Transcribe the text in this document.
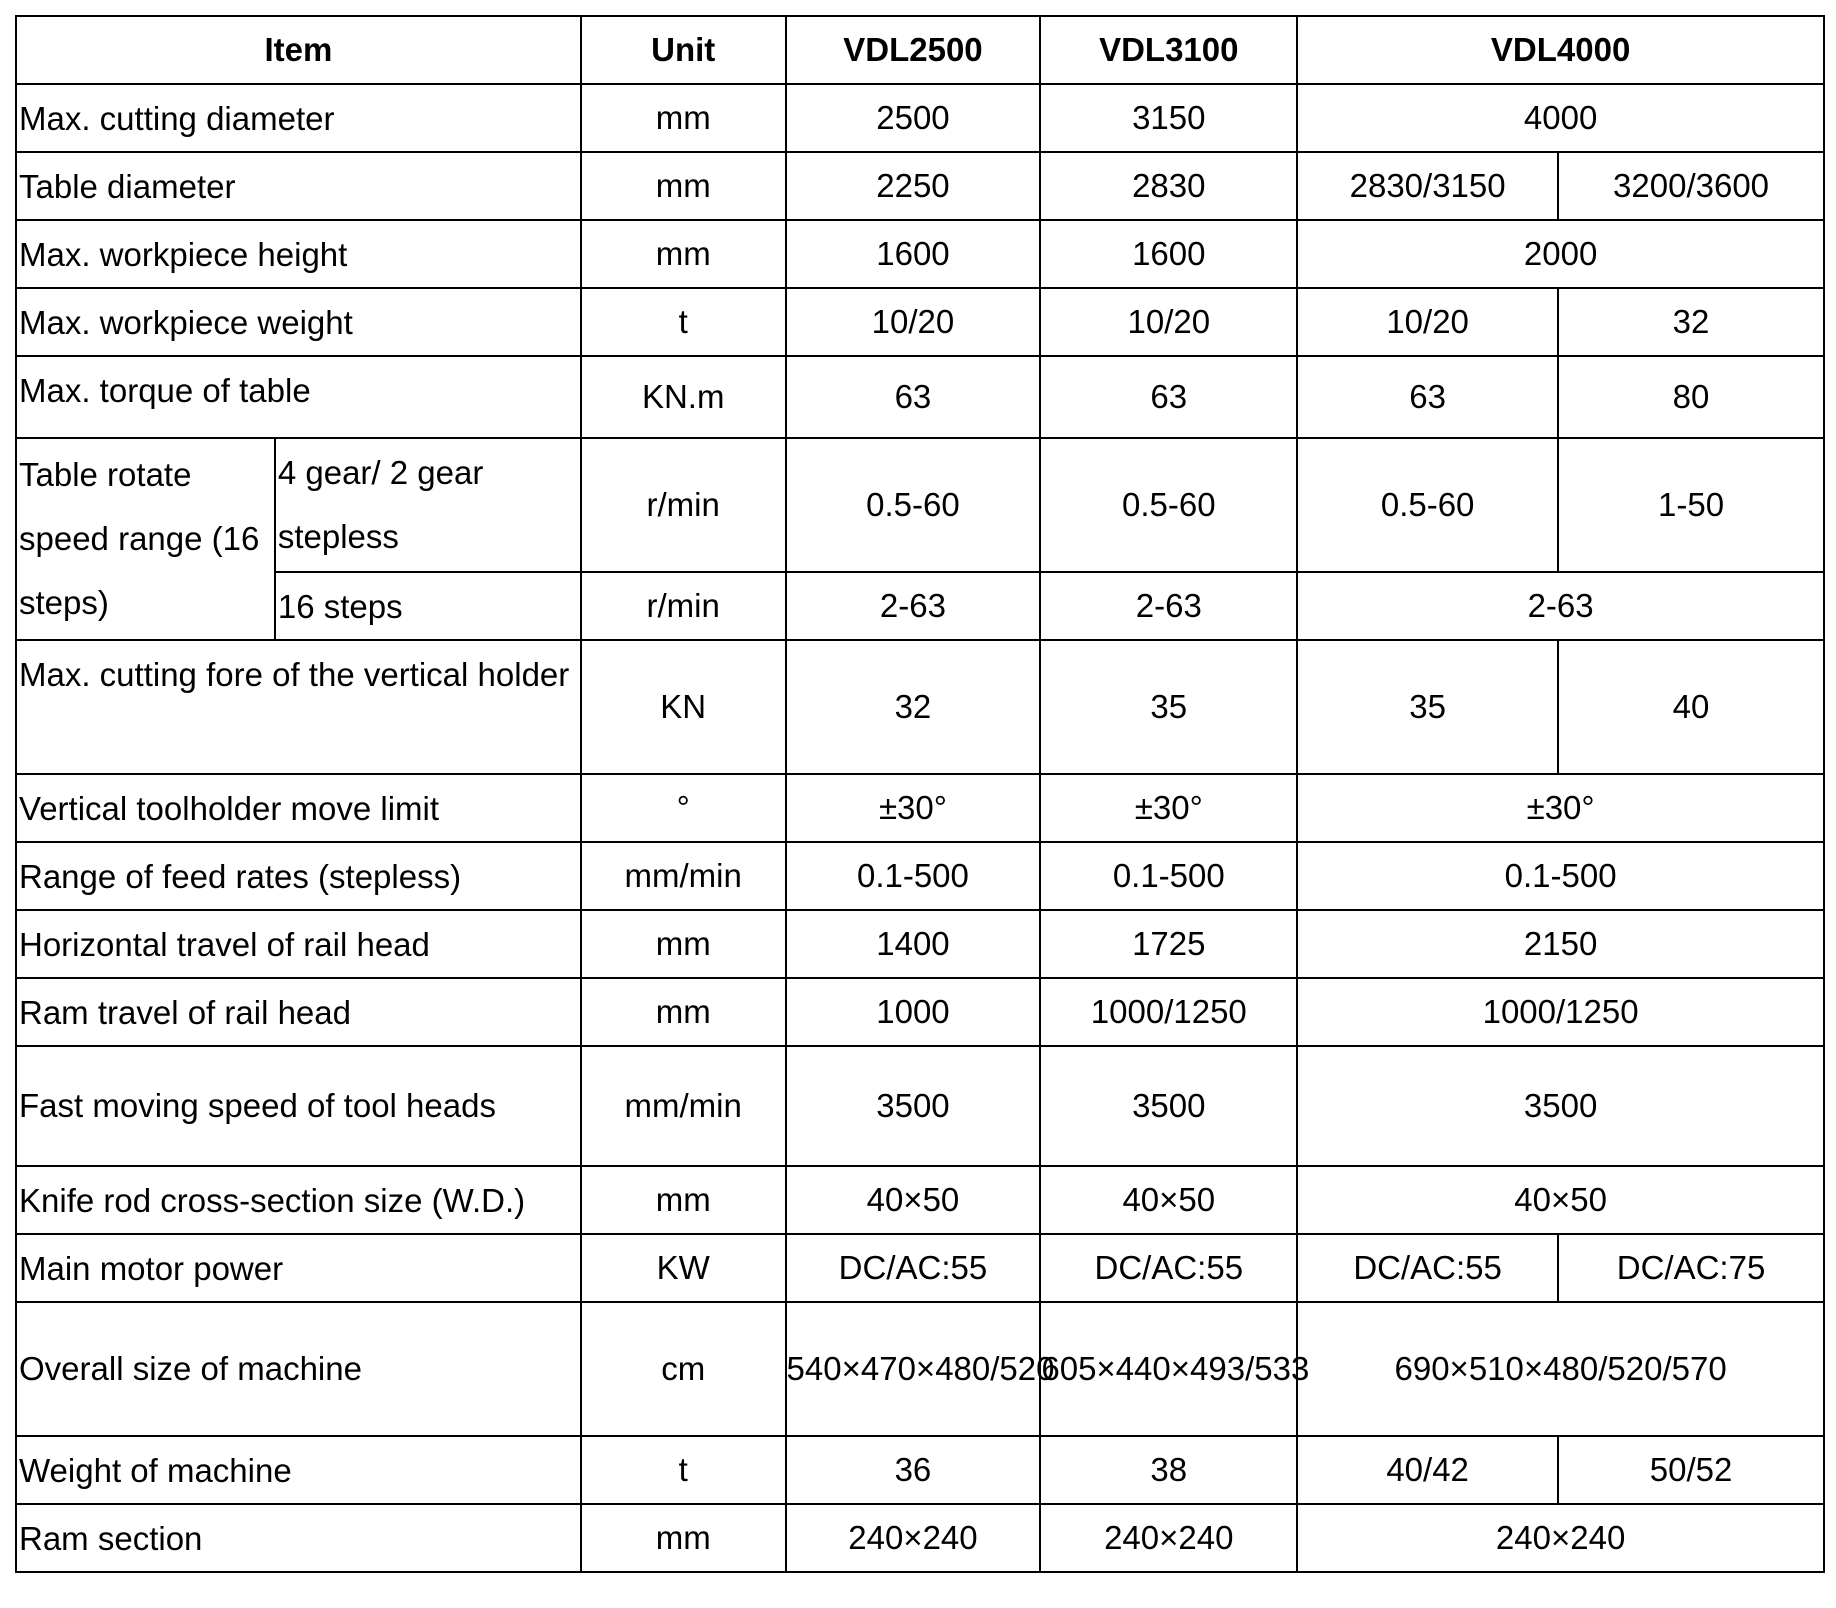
Item		Unit	VDL2500	VDL3100	VDL4000	
Max. cutting diameter		mm	2500	3150	4000	
Table diameter		mm	2250	2830	2830/3150	3200/3600
Max. workpiece height		mm	1600	1600	2000	
Max. workpiece weight		t	10/20	10/20	10/20	32
Max. torque of table		KN.m	63	63	63	80
Table rotate speed range (16 steps)	4 gear/ 2 gear stepless	r/min	0.5-60	0.5-60	0.5-60	1-50
	16 steps	r/min	2-63	2-63	2-63	
Max. cutting fore of the vertical holder		KN	32	35	35	40
Vertical toolholder move limit		°	±30°	±30°	±30°	
Range of feed rates (stepless)		mm/min	0.1-500	0.1-500	0.1-500	
Horizontal travel of rail head		mm	1400	1725	2150	
Ram travel of rail head		mm	1000	1000/1250	1000/1250	
Fast moving speed of tool heads		mm/min	3500	3500	3500	
Knife rod cross-section size (W.D.)		mm	40×50	40×50	40×50	
Main motor power		KW	DC/AC:55	DC/AC:55	DC/AC:55	DC/AC:75
Overall size of machine		cm	540×470×480/520	605×440×493/533	690×510×480/520/570	
Weight of machine		t	36	38	40/42	50/52
Ram section		mm	240×240	240×240	240×240	
